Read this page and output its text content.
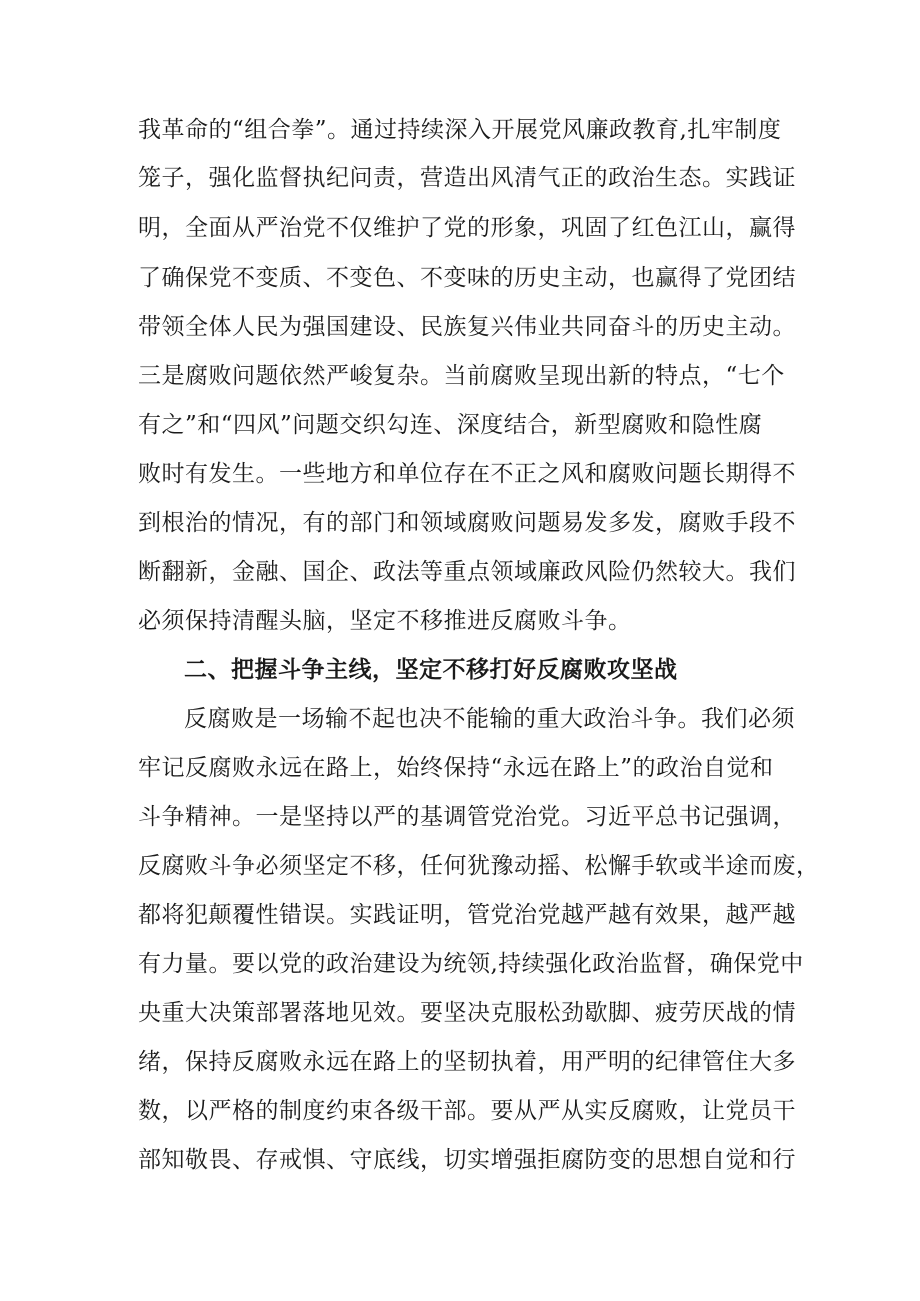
我革命的“组合拳”。通过持续深入开展党风廉政教育,扎牢制度
笼子，强化监督执纪问责，营造出风清气正的政治生态。实践证
明，全面从严治党不仅维护了党的形象，巩固了红色江山，赢得
了确保党不变质、不变色、不变味的历史主动，也赢得了党团结
带领全体人民为强国建设、民族复兴伟业共同奋斗的历史主动。
三是腐败问题依然严峻复杂。当前腐败呈现出新的特点，“七个
有之”和“四风”问题交织勾连、深度结合，新型腐败和隐性腐
败时有发生。一些地方和单位存在不正之风和腐败问题长期得不
到根治的情况，有的部门和领域腐败问题易发多发，腐败手段不
断翻新，金融、国企、政法等重点领域廉政风险仍然较大。我们
必须保持清醒头脑，坚定不移推进反腐败斗争。
二、把握斗争主线，坚定不移打好反腐败攻坚战
反腐败是一场输不起也决不能输的重大政治斗争。我们必须
牢记反腐败永远在路上，始终保持“永远在路上”的政治自觉和
斗争精神。一是坚持以严的基调管党治党。习近平总书记强调，
反腐败斗争必须坚定不移，任何犹豫动摇、松懈手软或半途而废，
都将犯颠覆性错误。实践证明，管党治党越严越有效果，越严越
有力量。要以党的政治建设为统领,持续强化政治监督，确保党中
央重大决策部署落地见效。要坚决克服松劲歇脚、疲劳厌战的情
绪，保持反腐败永远在路上的坚韧执着，用严明的纪律管住大多
数，以严格的制度约束各级干部。要从严从实反腐败，让党员干
部知敬畏、存戒惧、守底线，切实增强拒腐防变的思想自觉和行
